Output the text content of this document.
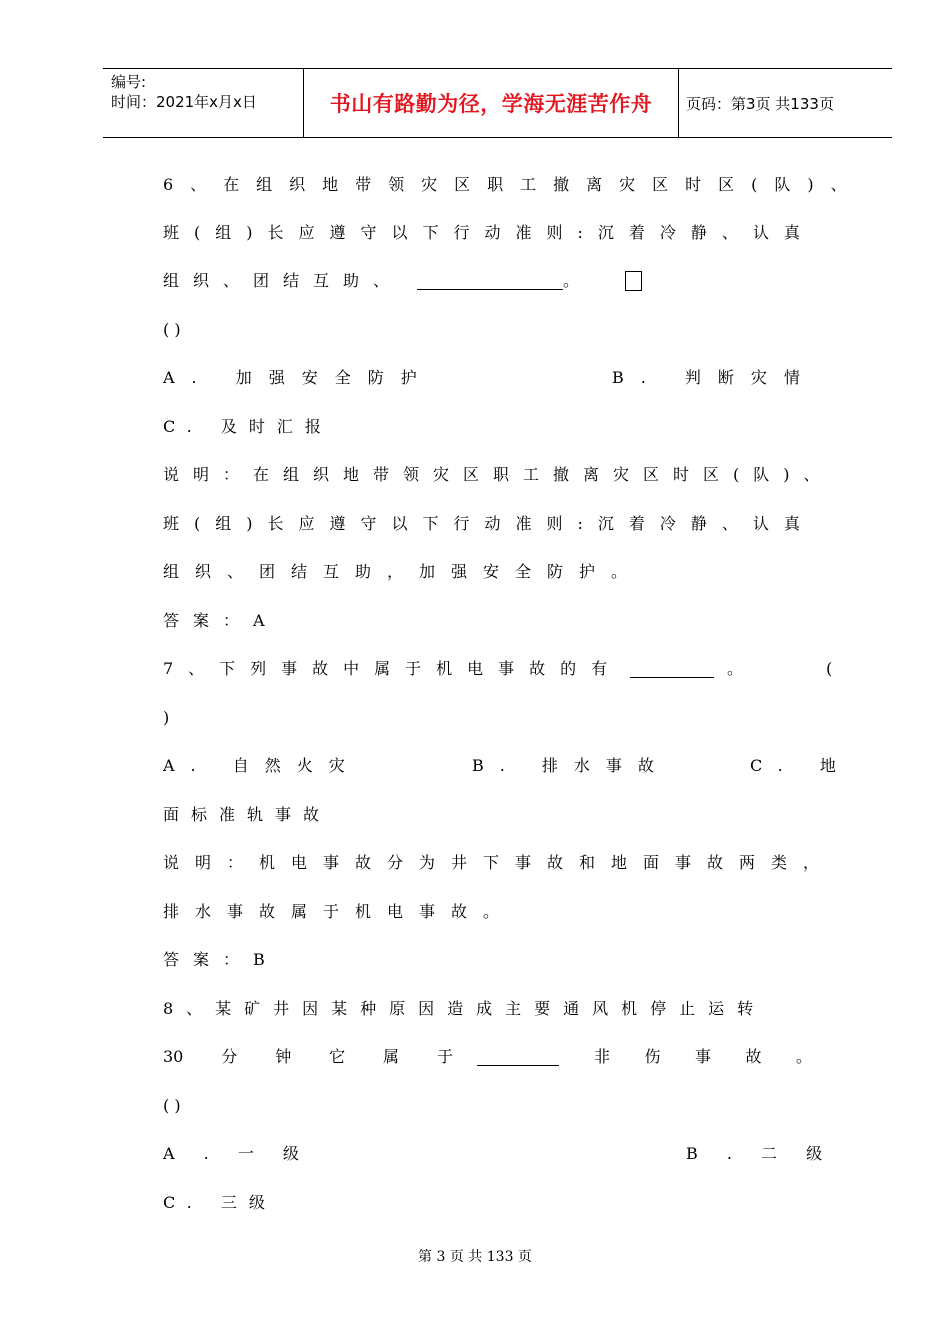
编号:
时间：2021年x月x日	书山有路勤为径，学海无涯苦作舟 页码：第3页 共133页
6、在组织地带领灾区职工撤离灾区时区(队)、
班(组)长应遵守以下行动准则:沉着冷静、认真
组织、团结互助、	。
( )
A. 加强安全防护	B. 判断灾情
C. 及时汇报
说明：在组织地带领灾区职工撤离灾区时区(队)、
班(组)长应遵守以下行动准则:沉着冷静、认真
组织、团结互助，加强安全防护。
答案：A
7、下列事故中属于机电事故的有	。	(
)
A. 自然火灾	B. 排水事故	C. 地
面标准轨事故
说明：机电事故分为井下事故和地面事故两类，
排水事故属于机电事故。
答案：B
8、某矿井因某种原因造成主要通风机停止运转
30 分 钟 它 属 于	非 伤 事 故 。
( )
A . 一 级	B . 二 级
C. 三级
第 3 页 共 133 页
